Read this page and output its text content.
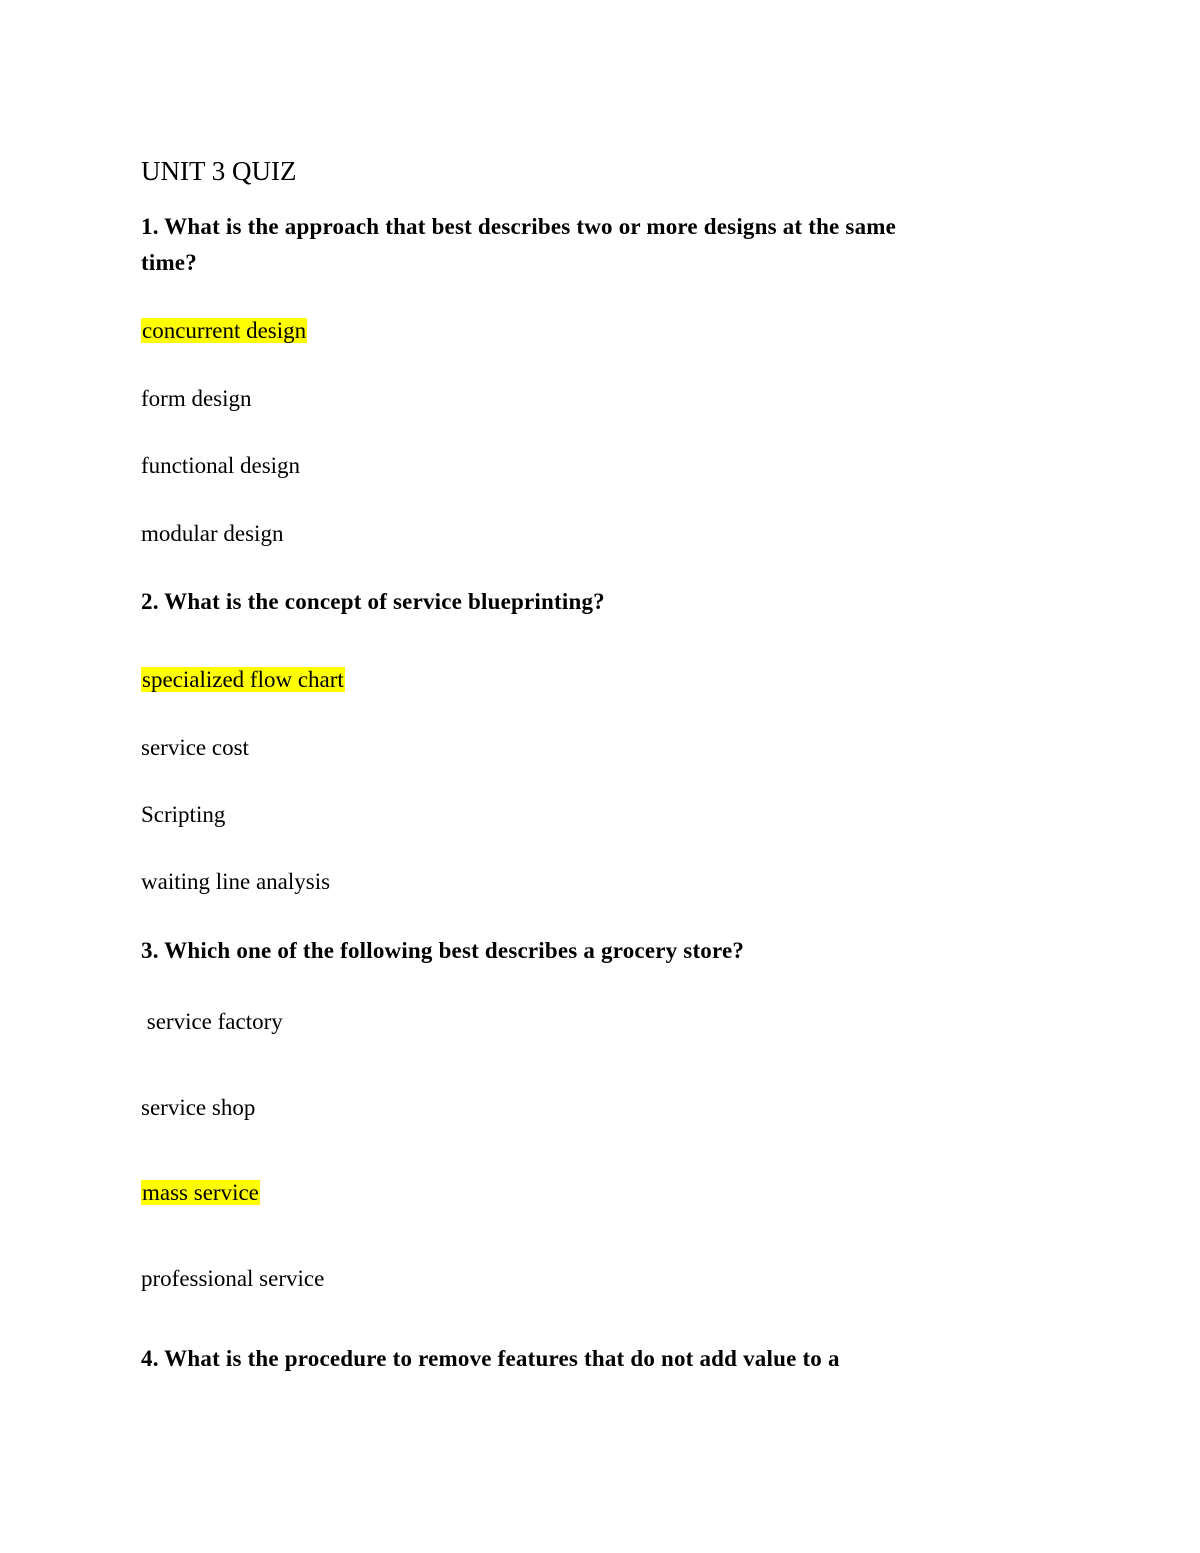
UNIT 3 QUIZ
1. What is the approach that best describes two or more designs at the same
time?
concurrent design
form design
functional design
modular design
2. What is the concept of service blueprinting?
specialized flow chart
service cost
Scripting
waiting line analysis
3. Which one of the following best describes a grocery store?
service factory
service shop
mass service
professional service
4. What is the procedure to remove features that do not add value to a
